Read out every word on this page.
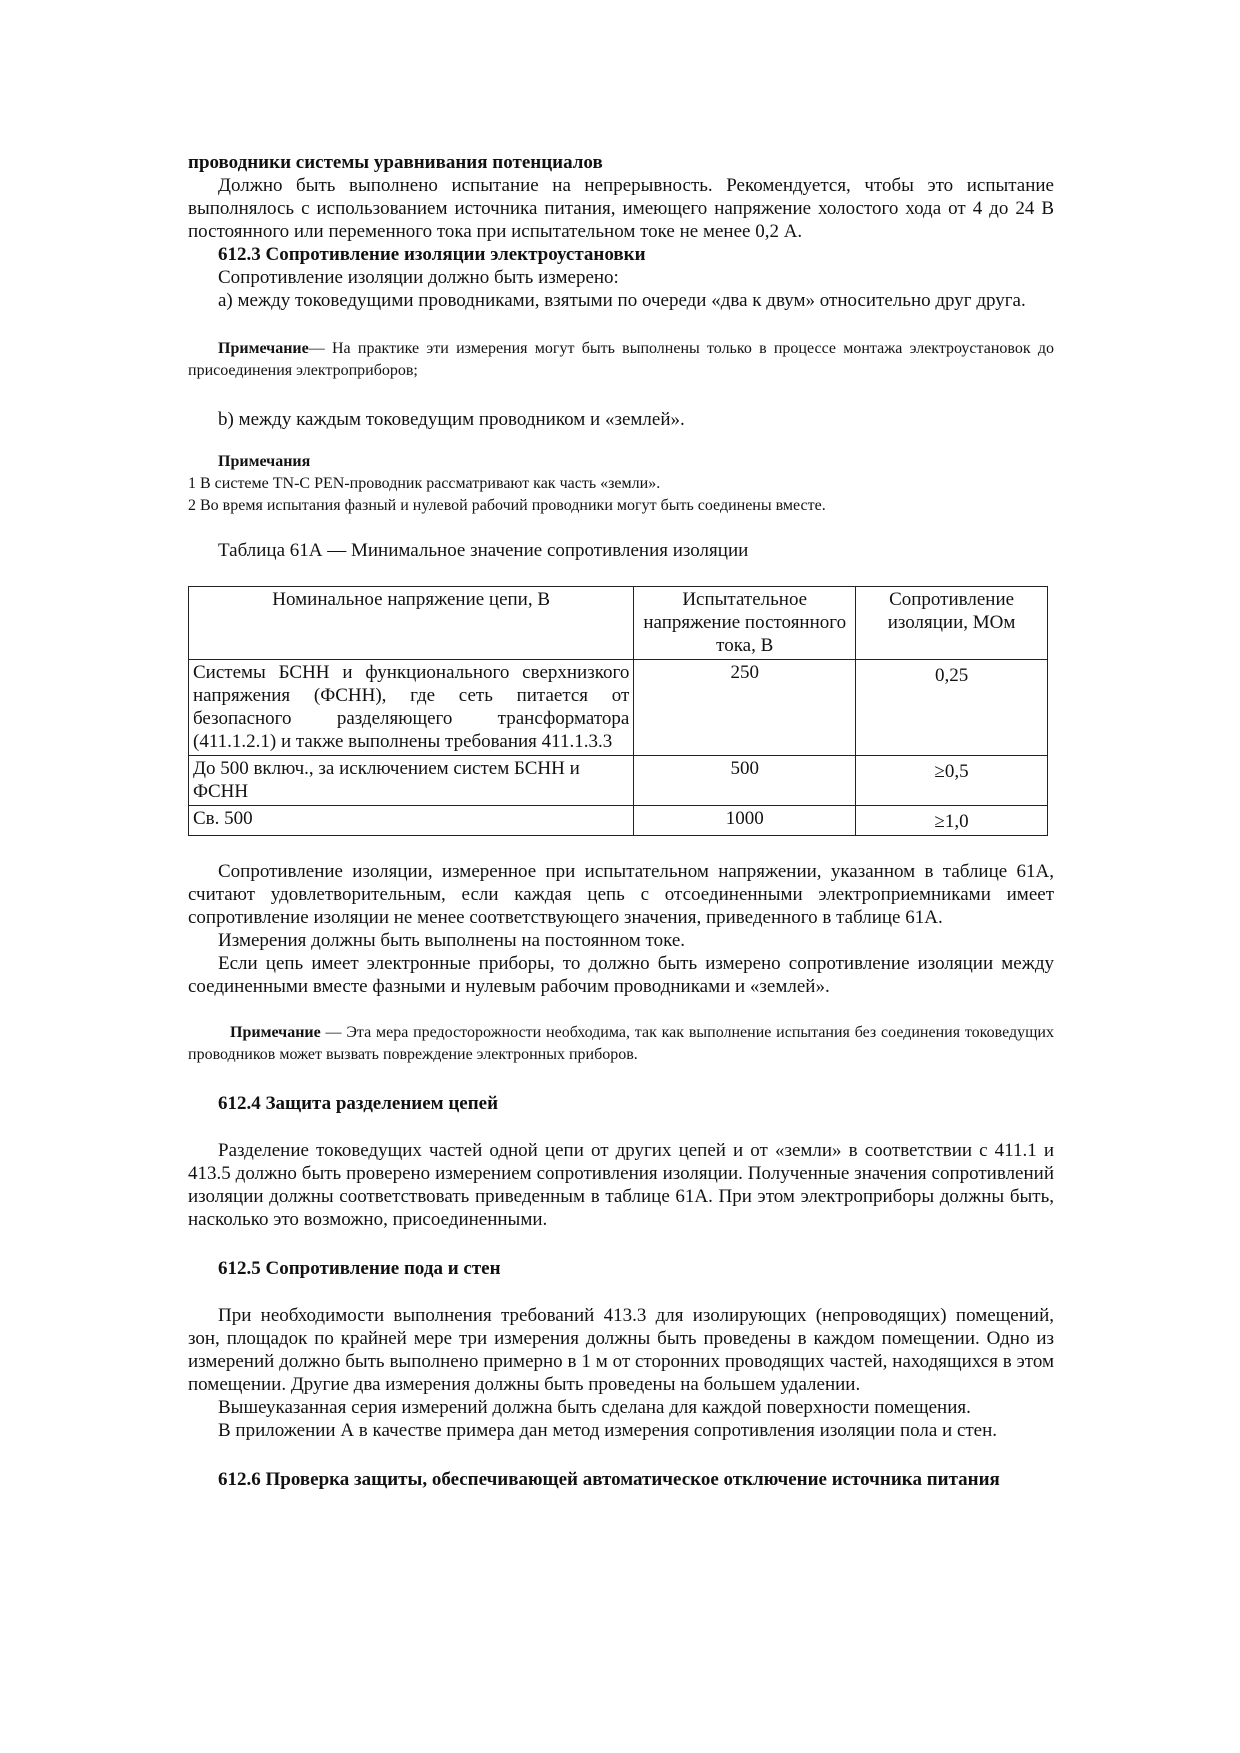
проводники системы уравнивания потенциалов

Должно быть выполнено испытание на непрерывность. Рекомендуется, чтобы это испытание выполнялось с использованием источника питания, имеющего напряжение холостого хода от 4 до 24 В постоянного или переменного тока при испытательном токе не менее 0,2 А.

612.3 Сопротивление изоляции электроустановки

Сопротивление изоляции должно быть измерено:

a) между токоведущими проводниками, взятыми по очереди «два к двум» относительно друг друга.

Примечание— На практике эти измерения могут быть выполнены только в процессе монтажа электроустановок до присоединения электроприборов;

b) между каждым токоведущим проводником и «землей».

Примечания
1 В системе TN-C PEN-проводник рассматривают как часть «земли».
2 Во время испытания фазный и нулевой рабочий проводники могут быть соединены вместе.

Таблица 61А — Минимальное значение сопротивления изоляции

Номинальное напряжение цепи, В	Испытательное напряжение постоянного тока, В	Сопротивление изоляции, МОм
Системы БСНН и функционального сверхнизкого напряжения (ФСНН), где сеть питается от безопасного разделяющего трансформатора (411.1.2.1) и также выполнены требования 411.1.3.3	250	0,25
До 500 включ., за исключением систем БСНН и ФСНН	500	≥0,5
Св. 500	1000	≥1,0

Сопротивление изоляции, измеренное при испытательном напряжении, указанном в таблице 61А, считают удовлетворительным, если каждая цепь с отсоединенными электроприемниками имеет сопротивление изоляции не менее соответствующего значения, приведенного в таблице 61А.

Измерения должны быть выполнены на постоянном токе.

Если цепь имеет электронные приборы, то должно быть измерено сопротивление изоляции между соединенными вместе фазными и нулевым рабочим проводниками и «землей».

Примечание — Эта мера предосторожности необходима, так как выполнение испытания без соединения токоведущих проводников может вызвать повреждение электронных приборов.

612.4 Защита разделением цепей

Разделение токоведущих частей одной цепи от других цепей и от «земли» в соответствии с 411.1 и 413.5 должно быть проверено измерением сопротивления изоляции. Полученные значения сопротивлений изоляции должны соответствовать приведенным в таблице 61А. При этом электроприборы должны быть, насколько это возможно, присоединенными.

612.5 Сопротивление пода и стен

При необходимости выполнения требований 413.3 для изолирующих (непроводящих) помещений, зон, площадок по крайней мере три измерения должны быть проведены в каждом помещении. Одно из измерений должно быть выполнено примерно в 1 м от сторонних проводящих частей, находящихся в этом помещении. Другие два измерения должны быть проведены на большем удалении.

Вышеуказанная серия измерений должна быть сделана для каждой поверхности помещения.

В приложении А в качестве примера дан метод измерения сопротивления изоляции пола и стен.

612.6 Проверка защиты, обеспечивающей автоматическое отключение источника питания
